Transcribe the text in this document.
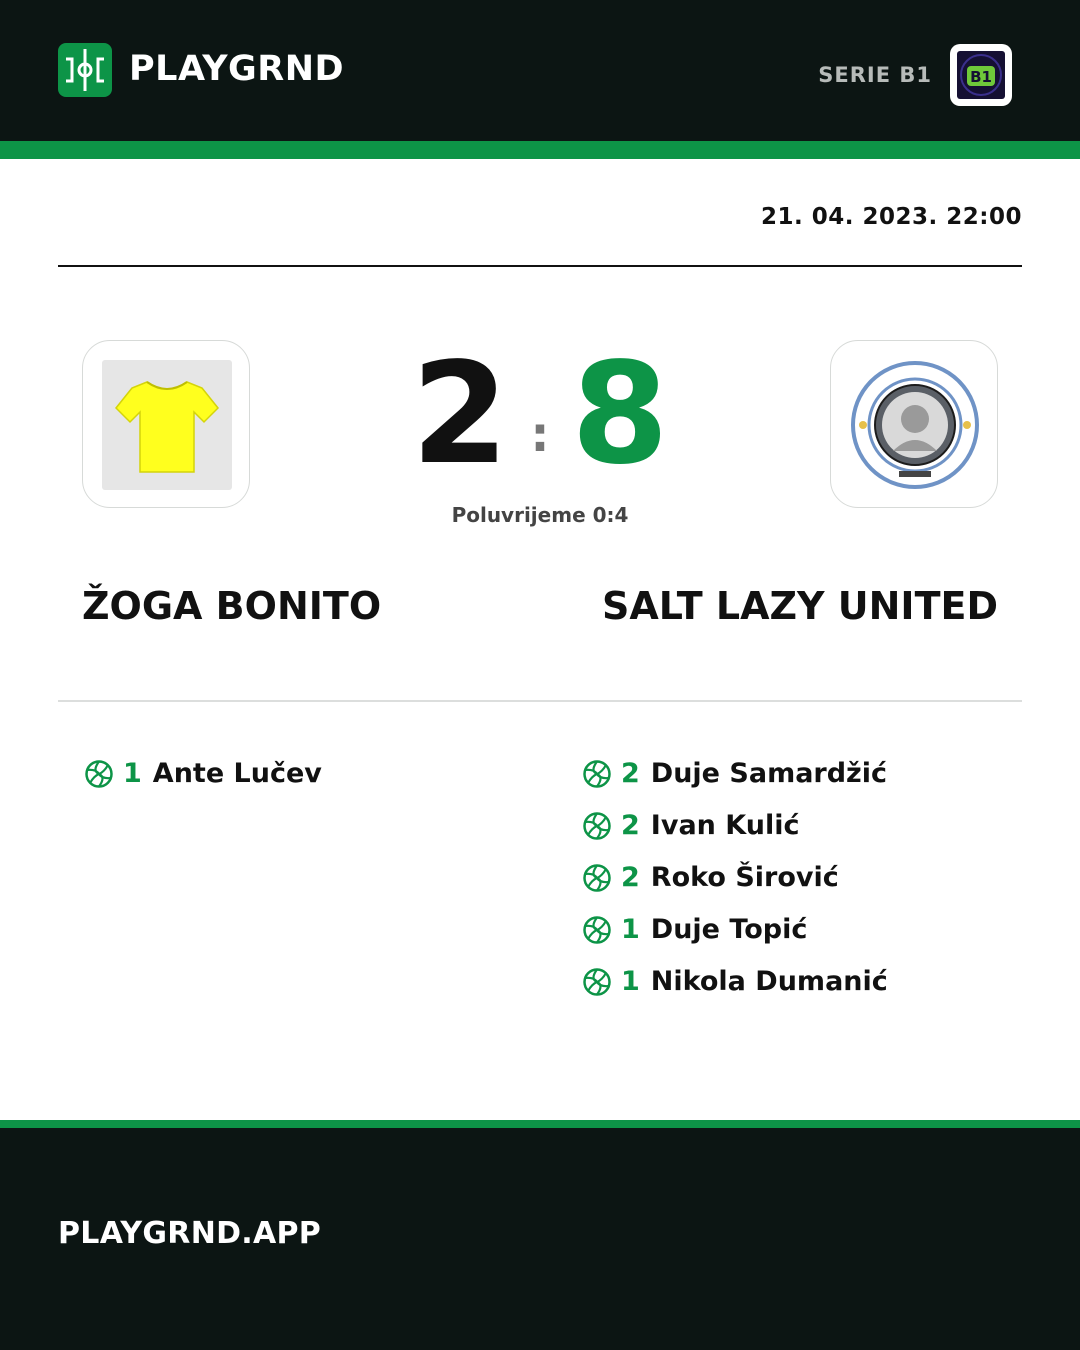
PLAYGRND	SERIE B1	B1
21. 04. 2023. 22:00
2 : 8
Poluvrijeme 0:4
ŽOGA BONITO	SALT LAZY UNITED
1 Ante Lučev	2 Duje Samardžić
2 Ivan Kulić
2 Roko Širović
1 Duje Topić
1 Nikola Dumanić
PLAYGRND.APP
